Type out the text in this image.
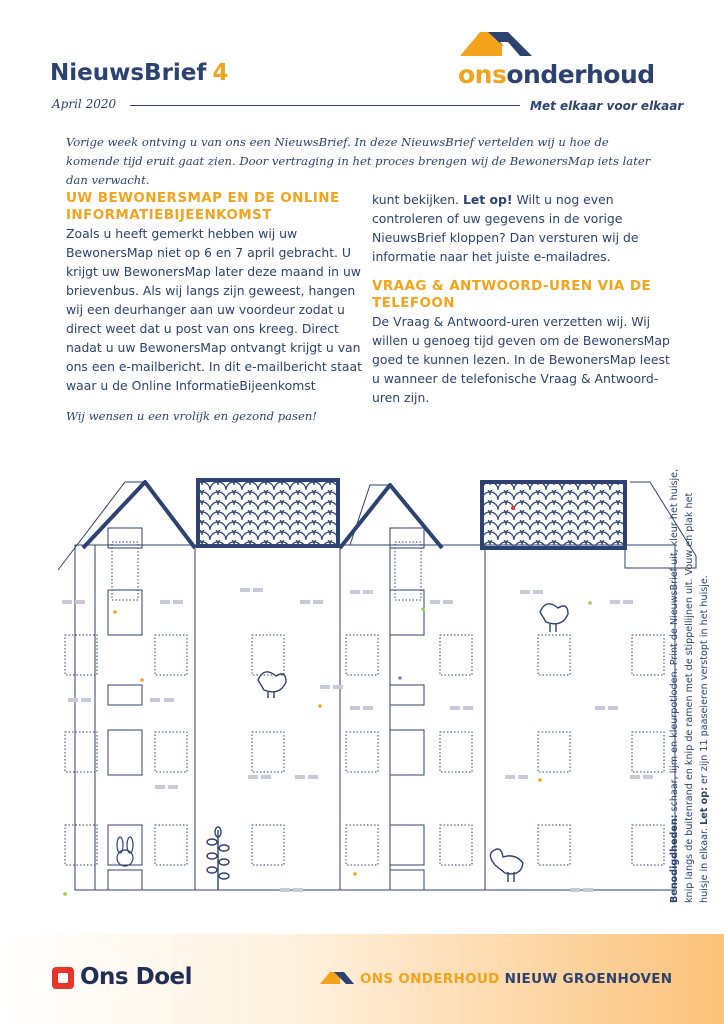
NieuwsBrief 4
April 2020
onsonderhoud
Met elkaar voor elkaar
Vorige week ontving u van ons een NieuwsBrief. In deze NieuwsBrief vertelden wij u hoe de komende tijd eruit gaat zien. Door vertraging in het proces brengen wij de BewonersMap iets later dan verwacht.

UW BEWONERSMAP EN DE ONLINE INFORMATIEBIJEENKOMST

Zoals u heeft gemerkt hebben wij uw BewonersMap niet op 6 en 7 april gebracht. U krijgt uw BewonersMap later deze maand in uw brievenbus. Als wij langs zijn geweest, hangen wij een deurhanger aan uw voordeur zodat u direct weet dat u post van ons kreeg. Direct nadat u uw BewonersMap ontvangt krijgt u van ons een e-mailbericht. In dit e-mailbericht staat waar u de Online InformatieBijeenkomst

kunt bekijken. Let op! Wilt u nog even controleren of uw gegevens in de vorige NieuwsBrief kloppen? Dan versturen wij de informatie naar het juiste e-mailadres.

VRAAG & ANTWOORD-UREN VIA DE TELEFOON

De Vraag & Antwoord-uren verzetten wij. Wij willen u genoeg tijd geven om de BewonersMap goed te kunnen lezen. In de BewonersMap leest u wanneer de telefonische Vraag & Antwoord-uren zijn.

Wij wensen u een vrolijk en gezond pasen!
Benodigdheden: schaar, lijm en kleurpotloden. Print de NieuwsBrief uit, kleur het huisje, knip langs de buitenrand en knip de ramen met de stippellijnen uit. Vouw en plak het huisje in elkaar. Let op: er zijn 11 paaseieren verstopt in het huisje.
Ons Doel	ONS ONDERHOUD NIEUW GROENHOVEN
